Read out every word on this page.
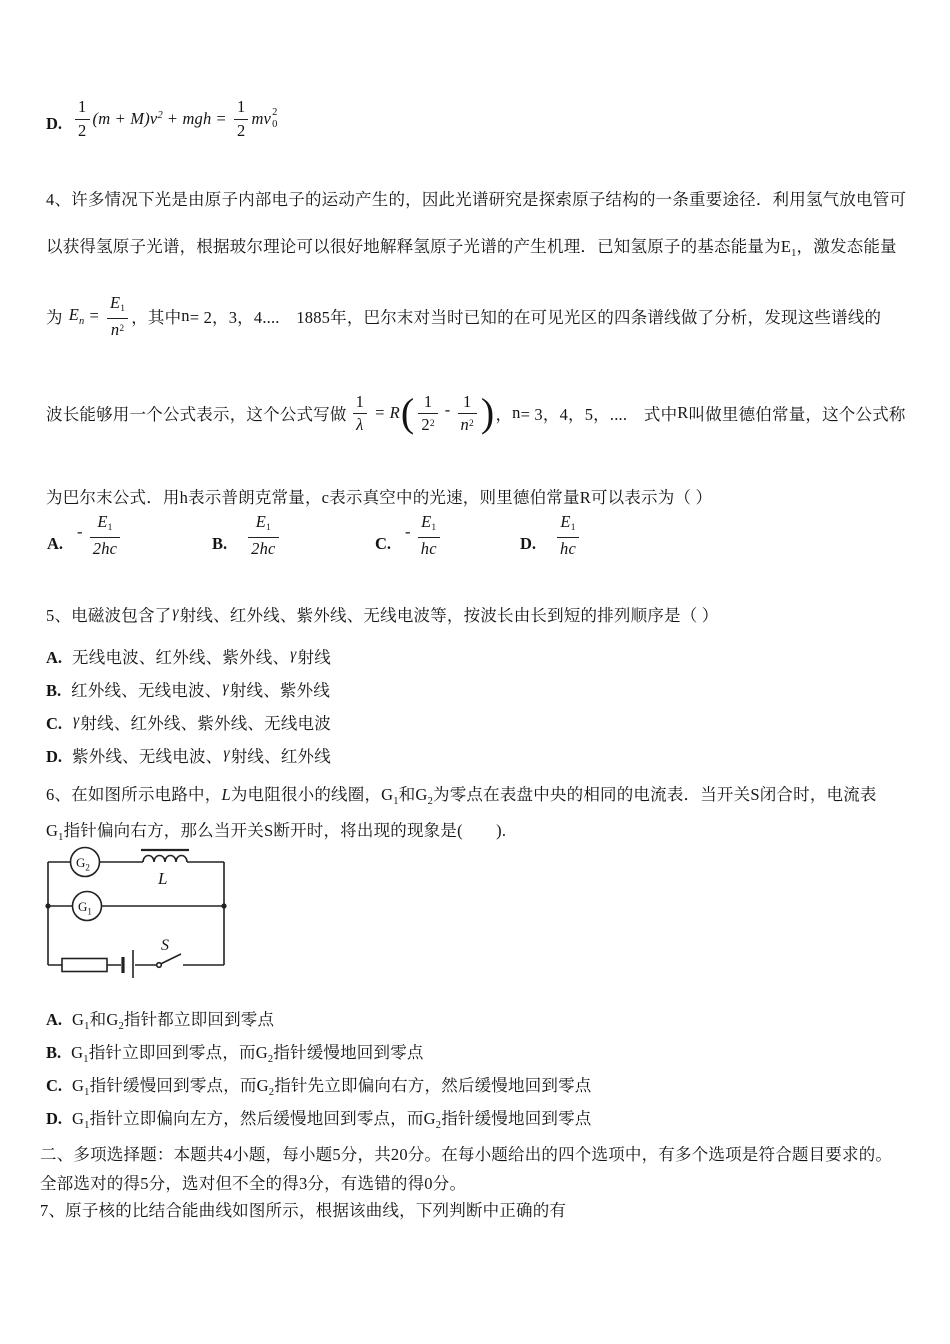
D. $\frac{1}{2} (m + M)v^2$ + mgh = $\frac{1}{2}$ mv 2
0
4、许多情况下光是由原子内部电子的运动产生的，因此光谱研究是探索原子结构的一条重要途径．利用氢气放电管可
以获得氢原子光谱，根据玻尔理论可以很好地解释氢原子光谱的产生机理．已知氢原子的基态能量为$E_1$，激发态能量
为 $E_n = \frac{E_1}{n^2}$ ，其中 n = 2，3，4....　1885年，巴尔末对当时已知的在可见光区的四条谱线做了分析，发现这些谱线的
波长能够用一个公式表示，这个公式写做 $\frac{1}{\lambda} = R$ ( $\frac{1}{2^2} - \frac{1}{n^2}$ ) ， n = 3，4，5，....　式中 R 叫做里德伯常量，这个公式称
为巴尔末公式．用h表示普朗克常量，c表示真空中的光速，则里德伯常量R可以表示为（ ）
A.
- $\frac{E_1}{2hc}$	B. $\frac{E_1}{2hc}$	C.
- $\frac{E_1}{hc}$	D. $\frac{E_1}{hc}$
5、电磁波包含了γ射线、红外线、紫外线、无线电波等，按波长由长到短的排列顺序是（ ）
A. 无线电波、红外线、紫外线、γ射线
B. 红外线、无线电波、γ射线、紫外线
C. γ射线、红外线、紫外线、无线电波
D. 紫外线、无线电波、γ射线、红外线
6、在如图所示电路中，L为电阻很小的线圈，$G_1$和$G_2$为零点在表盘中央的相同的电流表．当开关S闭合时，电流表
$G_1$指针偏向右方，那么当开关S断开时，将出现的现象是(　　).
$G_2$
$G_1$
L
S
A. $G_1$和$G_2$指针都立即回到零点
B. $G_1$指针立即回到零点，而$G_2$指针缓慢地回到零点
C. $G_1$指针缓慢回到零点，而$G_2$指针先立即偏向右方，然后缓慢地回到零点
D. $G_1$指针立即偏向左方，然后缓慢地回到零点，而$G_2$指针缓慢地回到零点
二、多项选择题：本题共4小题，每小题5分，共20分。在每小题给出的四个选项中，有多个选项是符合题目要求的。
全部选对的得5分，选对但不全的得3分，有选错的得0分。
7、原子核的比结合能曲线如图所示，根据该曲线，下列判断中正确的有
